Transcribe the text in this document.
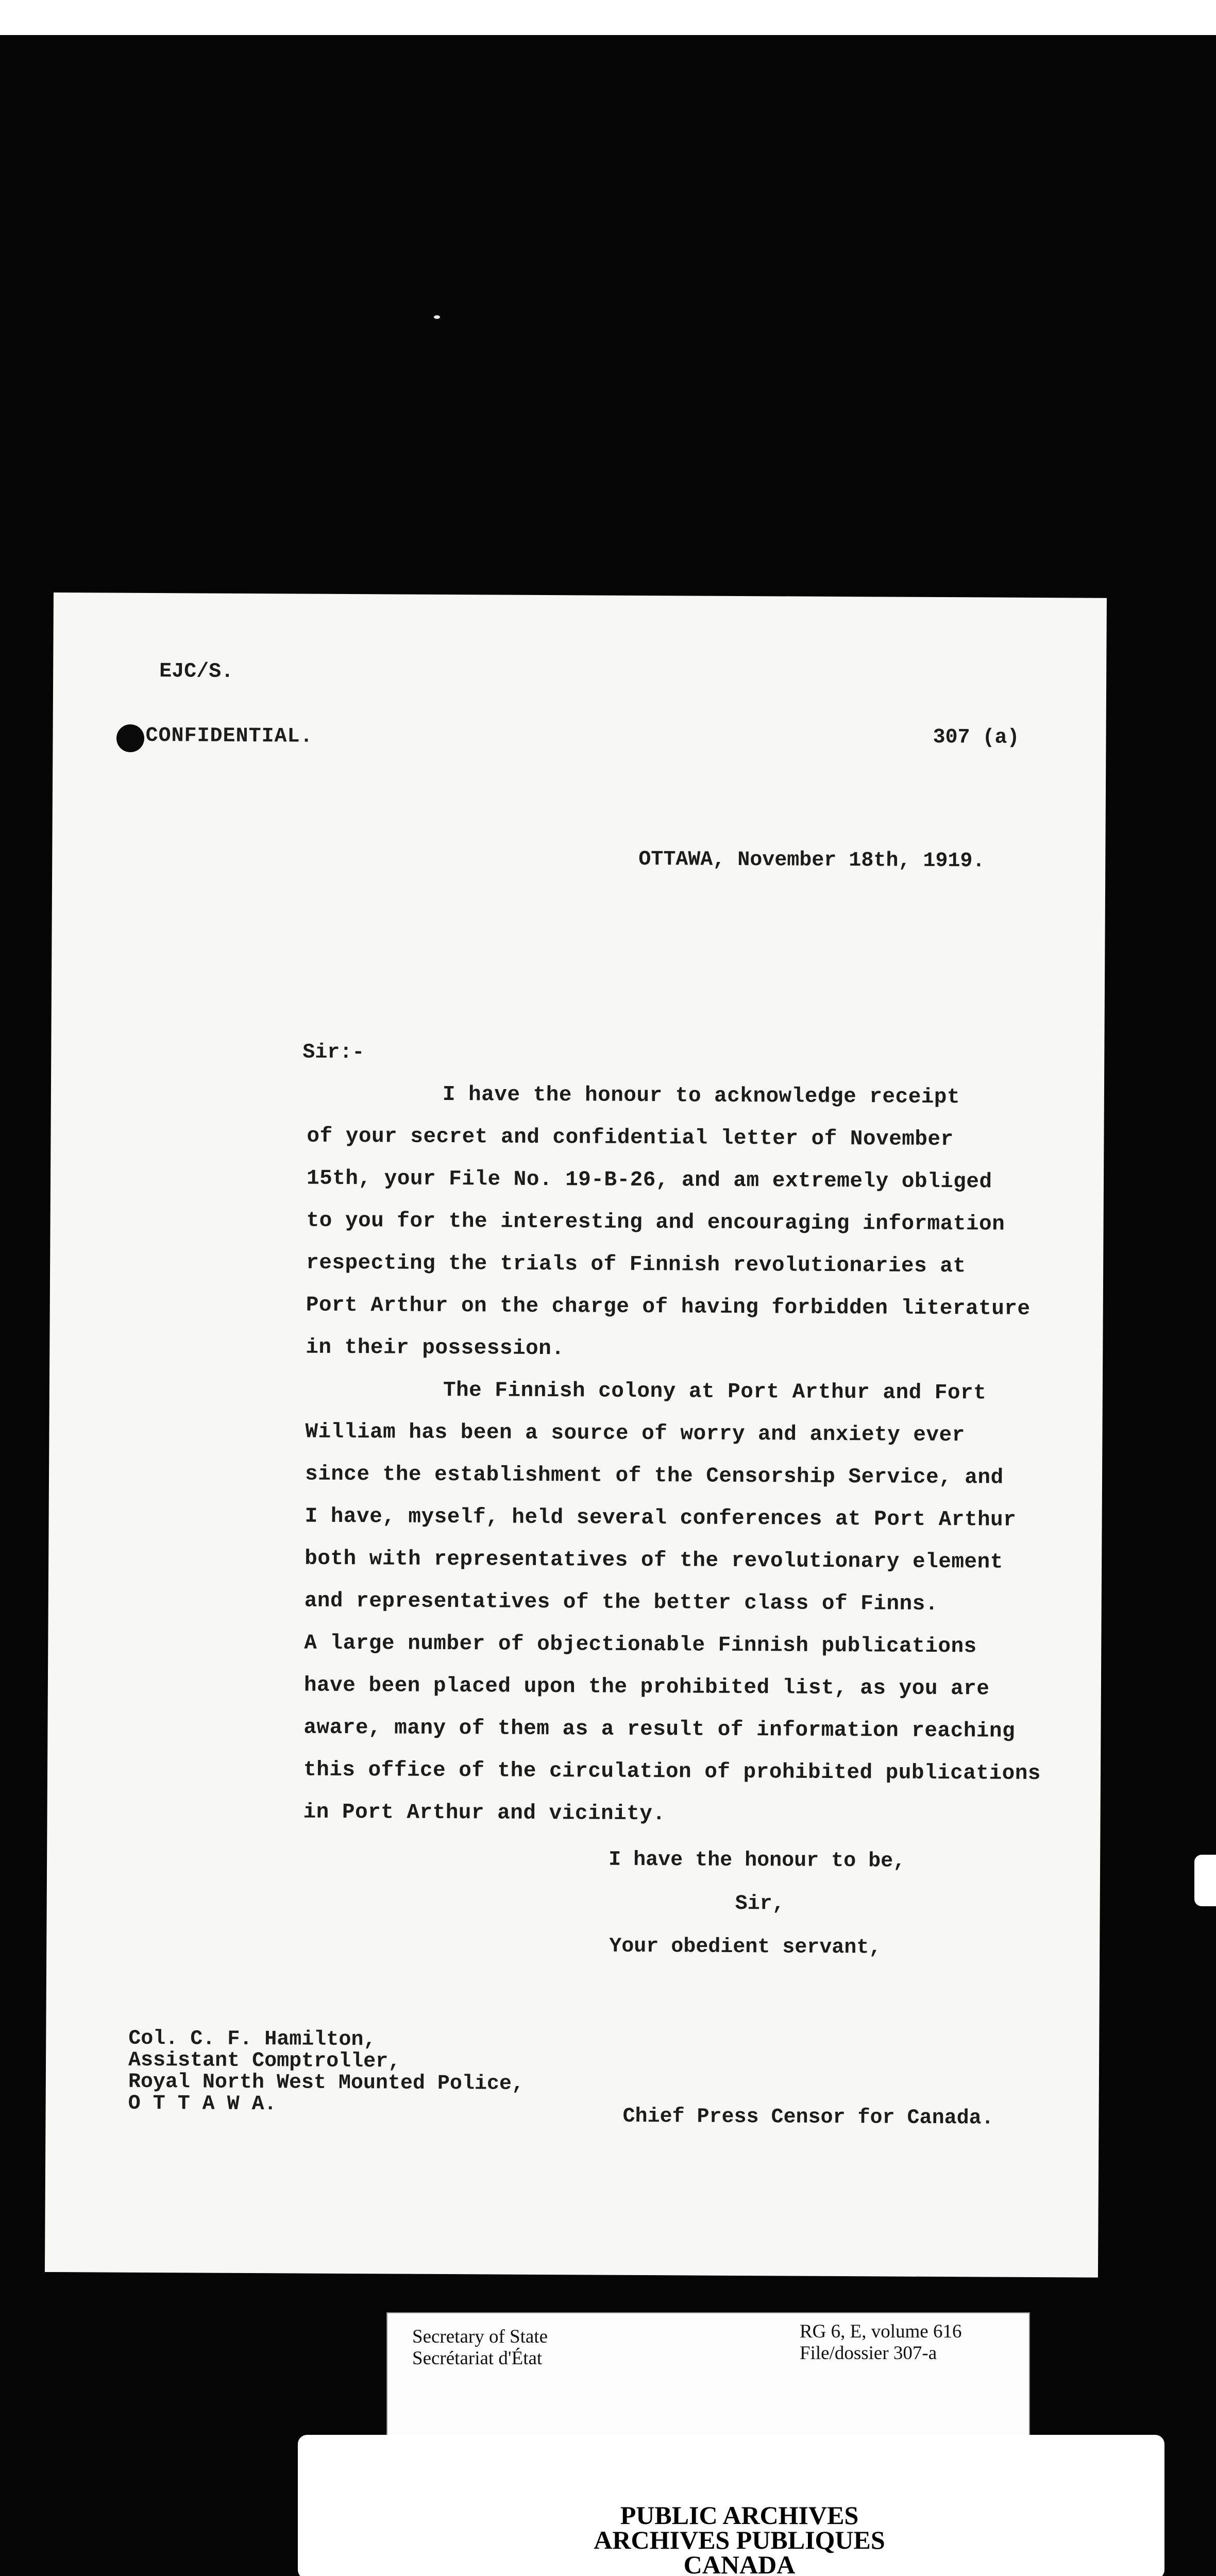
EJC/S.
CONFIDENTIAL.	307 (a)
OTTAWA, November 18th, 1919.
Sir:-
I have the honour to acknowledge receipt
of your secret and confidential letter of November
15th, your File No. 19-B-26, and am extremely obliged
to you for the interesting and encouraging information
respecting the trials of Finnish revolutionaries at
Port Arthur on the charge of having forbidden literature
in their possession.
The Finnish colony at Port Arthur and Fort
William has been a source of worry and anxiety ever
since the establishment of the Censorship Service, and
I have, myself, held several conferences at Port Arthur
both with representatives of the revolutionary element
and representatives of the better class of Finns.
A large number of objectionable Finnish publications
have been placed upon the prohibited list, as you are
aware, many of them as a result of information reaching
this office of the circulation of prohibited publications
in Port Arthur and vicinity.
I have the honour to be,
Sir,
Your obedient servant,
Col. C. F. Hamilton,
Assistant Comptroller,
Royal North West Mounted Police,
O T T A W A.
Chief Press Censor for Canada.
Secretary of State
Secrétariat d'État
RG 6, E, volume 616
File/dossier 307-a
PUBLIC ARCHIVES
ARCHIVES PUBLIQUES
CANADA
